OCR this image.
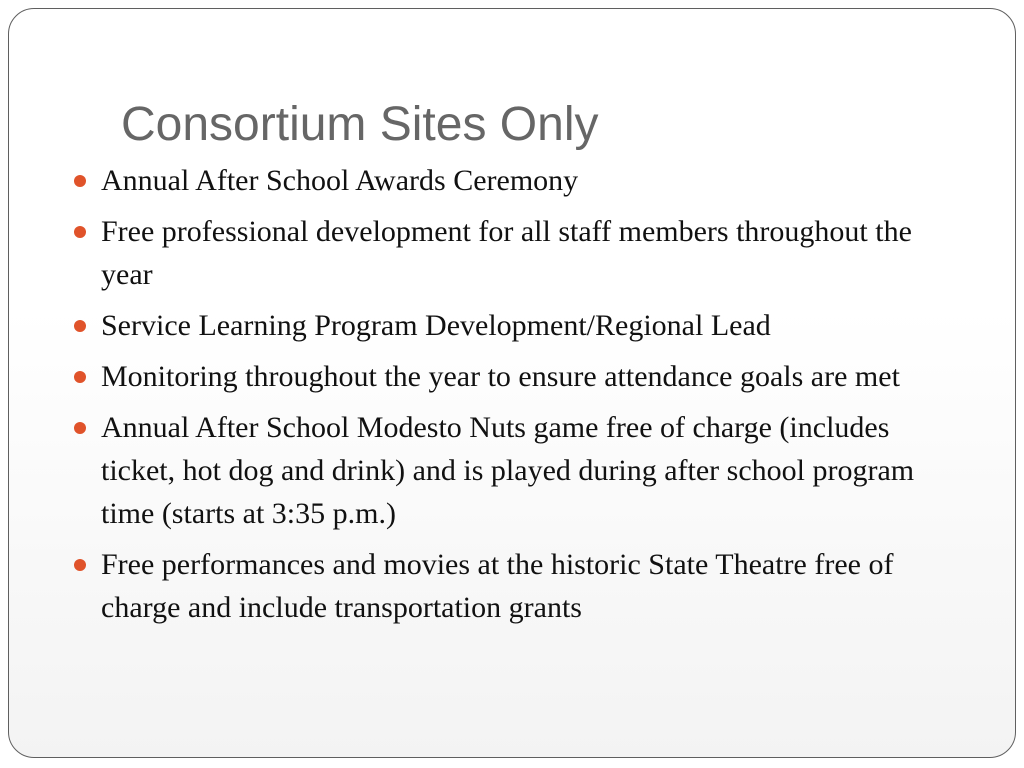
Consortium Sites Only
Annual After School Awards Ceremony
Free professional development for all staff members throughout the year
Service Learning Program Development/Regional Lead
Monitoring throughout the year to ensure attendance goals are met
Annual After School Modesto Nuts game free of charge (includes ticket, hot dog and drink) and is played during after school program time (starts at 3:35 p.m.)
Free performances and movies at the historic State Theatre free of charge and include transportation grants
